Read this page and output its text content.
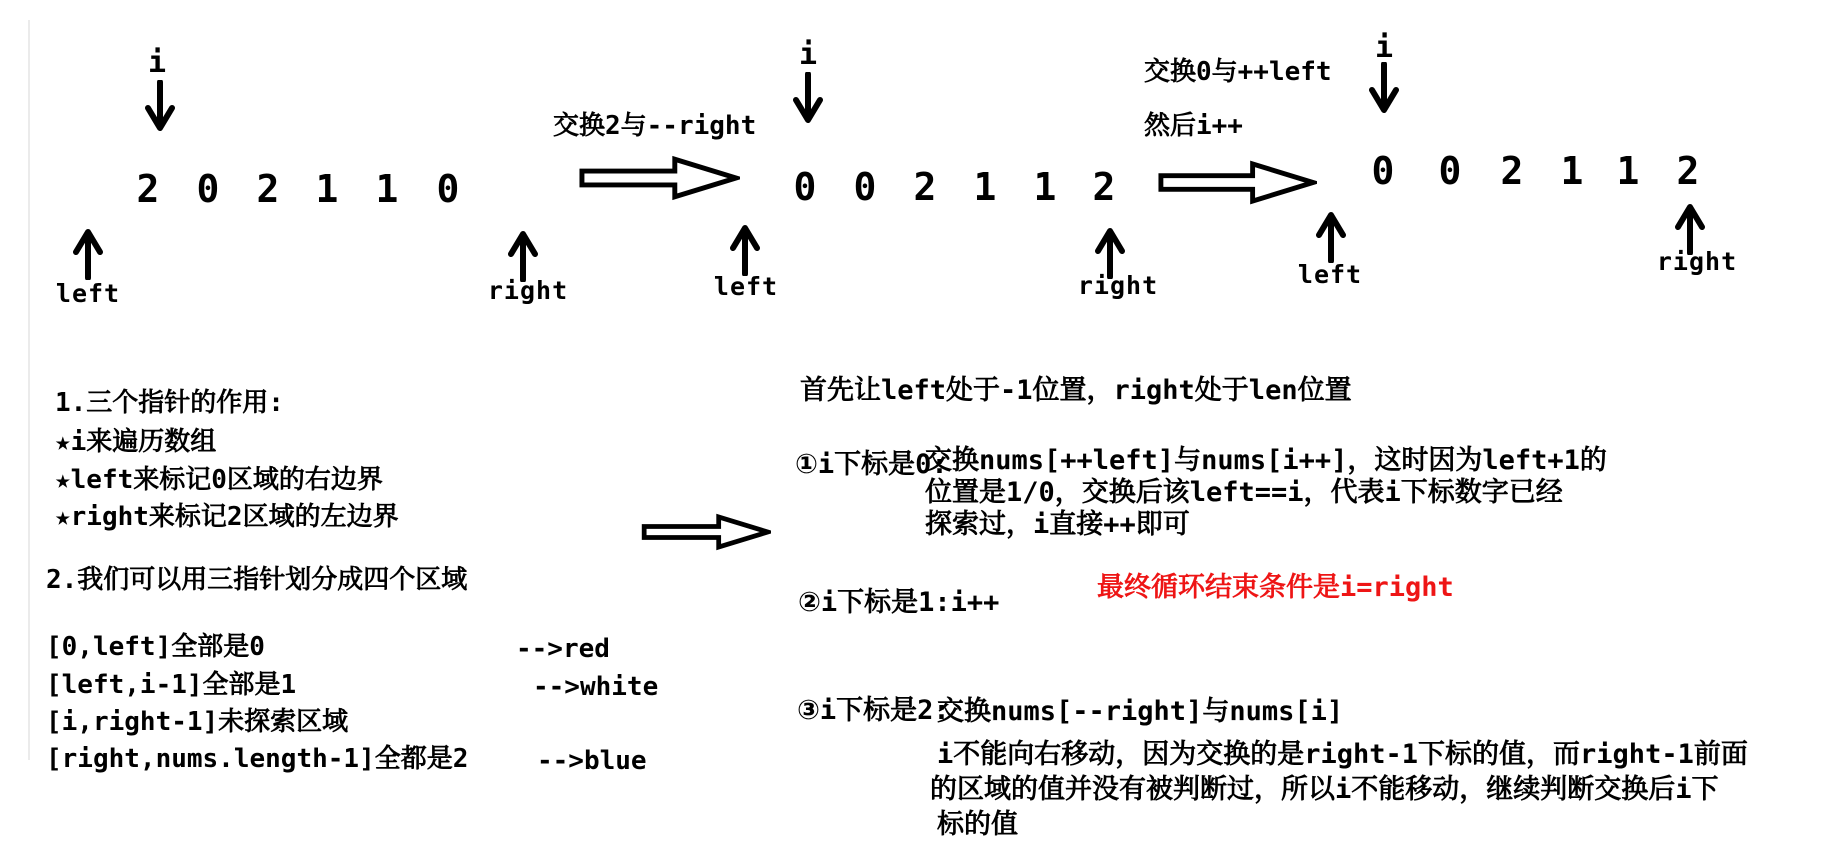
i
2 0 2 1 1 0
left	right
交换2与--right
i
0 0 2 1 1 2
left	right
交换0与++left
然后i++
i
0 0 2 1 1 2
left	right
1.三个指针的作用:
★i来遍历数组
★left来标记0区域的右边界
★right来标记2区域的左边界
2.我们可以用三指针划分成四个区域
[0,left]全部是0	-->red
[left,i-1]全部是1	-->white
[i,right-1]未探索区域
[right,nums.length-1]全都是2	-->blue
首先让left处于-1位置，right处于len位置
①i下标是0:
交换nums[++left]与nums[i++]，这时因为left+1的
位置是1/0，交换后该left==i，代表i下标数字已经
探索过，i直接++即可
②i下标是1:i++	最终循环结束条件是i=right
③i下标是2:
交换nums[--right]与nums[i]
i不能向右移动，因为交换的是right-1下标的值，而right-1前面
的区域的值并没有被判断过，所以i不能移动，继续判断交换后i下
标的值
